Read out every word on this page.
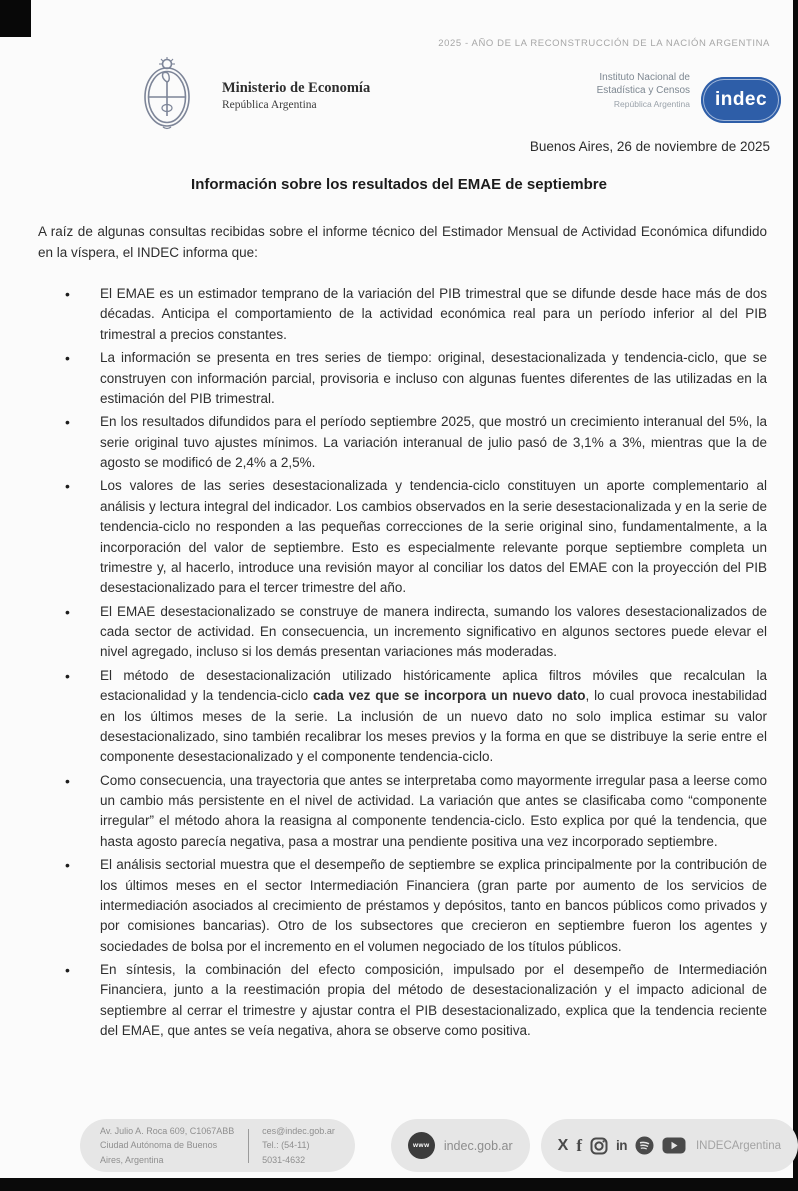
2025 - AÑO DE LA RECONSTRUCCIÓN DE LA NACIÓN ARGENTINA
Ministerio de Economía
República Argentina
Instituto Nacional de
Estadística y Censos
República Argentina	indec
Buenos Aires, 26 de noviembre de 2025
Información sobre los resultados del EMAE de septiembre

A raíz de algunas consultas recibidas sobre el informe técnico del Estimador Mensual de Actividad Económica difundido en la víspera, el INDEC informa que:

• El EMAE es un estimador temprano de la variación del PIB trimestral que se difunde desde hace más de dos décadas. Anticipa el comportamiento de la actividad económica real para un período inferior al del PIB trimestral a precios constantes.
• La información se presenta en tres series de tiempo: original, desestacionalizada y tendencia-ciclo, que se construyen con información parcial, provisoria e incluso con algunas fuentes diferentes de las utilizadas en la estimación del PIB trimestral.
• En los resultados difundidos para el período septiembre 2025, que mostró un crecimiento interanual del 5%, la serie original tuvo ajustes mínimos. La variación interanual de julio pasó de 3,1% a 3%, mientras que la de agosto se modificó de 2,4% a 2,5%.
• Los valores de las series desestacionalizada y tendencia-ciclo constituyen un aporte complementario al análisis y lectura integral del indicador. Los cambios observados en la serie desestacionalizada y en la serie de tendencia-ciclo no responden a las pequeñas correcciones de la serie original sino, fundamentalmente, a la incorporación del valor de septiembre. Esto es especialmente relevante porque septiembre completa un trimestre y, al hacerlo, introduce una revisión mayor al conciliar los datos del EMAE con la proyección del PIB desestacionalizado para el tercer trimestre del año.
• El EMAE desestacionalizado se construye de manera indirecta, sumando los valores desestacionalizados de cada sector de actividad. En consecuencia, un incremento significativo en algunos sectores puede elevar el nivel agregado, incluso si los demás presentan variaciones más moderadas.
• El método de desestacionalización utilizado históricamente aplica filtros móviles que recalculan la estacionalidad y la tendencia-ciclo cada vez que se incorpora un nuevo dato, lo cual provoca inestabilidad en los últimos meses de la serie. La inclusión de un nuevo dato no solo implica estimar su valor desestacionalizado, sino también recalibrar los meses previos y la forma en que se distribuye la serie entre el componente desestacionalizado y el componente tendencia-ciclo.
• Como consecuencia, una trayectoria que antes se interpretaba como mayormente irregular pasa a leerse como un cambio más persistente en el nivel de actividad. La variación que antes se clasificaba como “componente irregular” el método ahora la reasigna al componente tendencia-ciclo. Esto explica por qué la tendencia, que hasta agosto parecía negativa, pasa a mostrar una pendiente positiva una vez incorporado septiembre.
• El análisis sectorial muestra que el desempeño de septiembre se explica principalmente por la contribución de los últimos meses en el sector Intermediación Financiera (gran parte por aumento de los servicios de intermediación asociados al crecimiento de préstamos y depósitos, tanto en bancos públicos como privados y por comisiones bancarias). Otro de los subsectores que crecieron en septiembre fueron los agentes y sociedades de bolsa por el incremento en el volumen negociado de los títulos públicos.
• En síntesis, la combinación del efecto composición, impulsado por el desempeño de Intermediación Financiera, junto a la reestimación propia del método de desestacionalización y el impacto adicional de septiembre al cerrar el trimestre y ajustar contra el PIB desestacionalizado, explica que la tendencia reciente del EMAE, que antes se veía negativa, ahora se observe como positiva.
Av. Julio A. Roca 609, C1067ABB
Ciudad Autónoma de Buenos Aires, Argentina
ces@indec.gob.ar
Tel.: (54-11) 5031-4632
www	indec.gob.ar	X f	in	INDECArgentina
